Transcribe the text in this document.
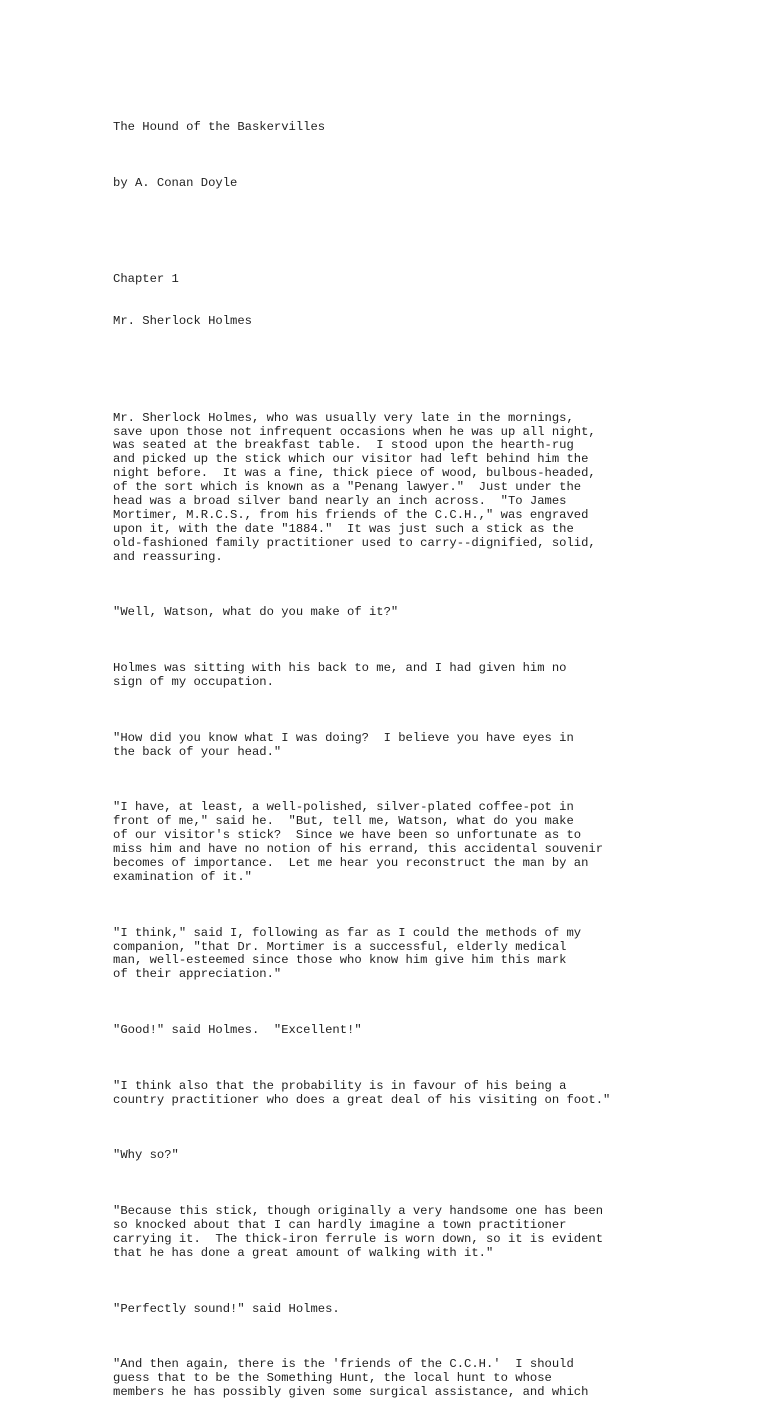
The Hound of the Baskervilles

by A. Conan Doyle

Chapter 1

Mr. Sherlock Holmes

Mr. Sherlock Holmes, who was usually very late in the mornings,
save upon those not infrequent occasions when he was up all night,
was seated at the breakfast table.  I stood upon the hearth-rug
and picked up the stick which our visitor had left behind him the
night before.  It was a fine, thick piece of wood, bulbous-headed,
of the sort which is known as a "Penang lawyer."  Just under the
head was a broad silver band nearly an inch across.  "To James
Mortimer, M.R.C.S., from his friends of the C.C.H.," was engraved
upon it, with the date "1884."  It was just such a stick as the
old-fashioned family practitioner used to carry--dignified, solid,
and reassuring.

"Well, Watson, what do you make of it?"

Holmes was sitting with his back to me, and I had given him no
sign of my occupation.

"How did you know what I was doing?  I believe you have eyes in
the back of your head."

"I have, at least, a well-polished, silver-plated coffee-pot in
front of me," said he.  "But, tell me, Watson, what do you make
of our visitor's stick?  Since we have been so unfortunate as to
miss him and have no notion of his errand, this accidental souvenir
becomes of importance.  Let me hear you reconstruct the man by an
examination of it."

"I think," said I, following as far as I could the methods of my
companion, "that Dr. Mortimer is a successful, elderly medical
man, well-esteemed since those who know him give him this mark
of their appreciation."

"Good!" said Holmes.  "Excellent!"

"I think also that the probability is in favour of his being a
country practitioner who does a great deal of his visiting on foot."

"Why so?"

"Because this stick, though originally a very handsome one has been
so knocked about that I can hardly imagine a town practitioner
carrying it.  The thick-iron ferrule is worn down, so it is evident
that he has done a great amount of walking with it."

"Perfectly sound!" said Holmes.

"And then again, there is the 'friends of the C.C.H.'  I should
guess that to be the Something Hunt, the local hunt to whose
members he has possibly given some surgical assistance, and which
